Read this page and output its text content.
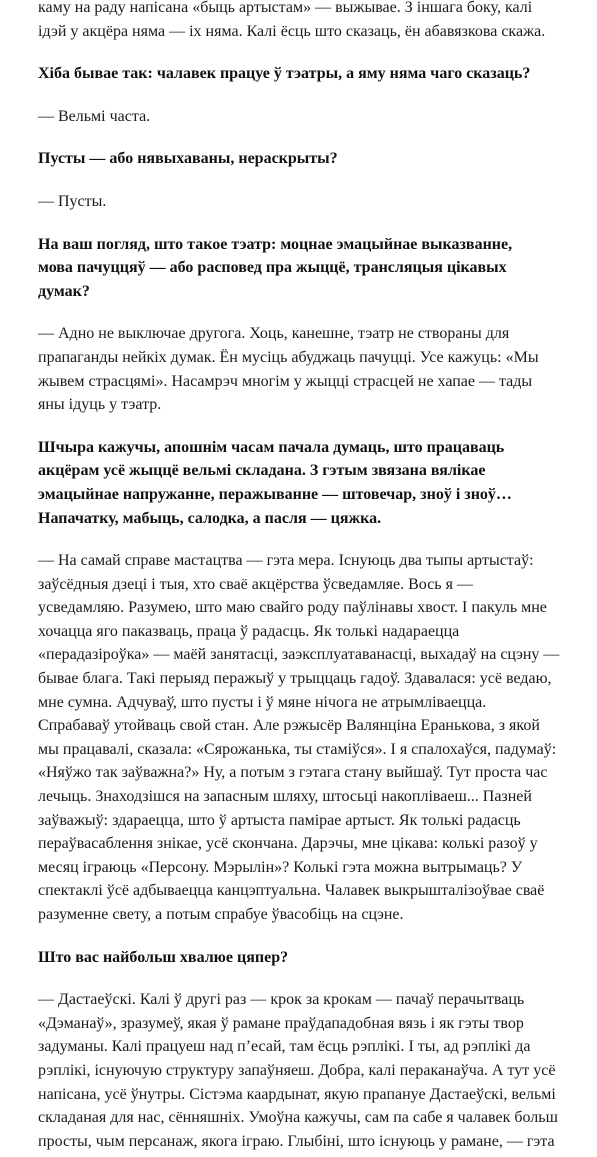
каму на раду напісана «быць артыстам» — выжывае. З іншага боку, калі
ідэй у акцёра няма — іх няма. Калі ёсць што сказаць, ён абавязкова скажа.

Хіба бывае так: чалавек працуе ў тэатры, а яму няма чаго сказаць?

— Вельмі часта.

Пусты — або нявыхаваны, нераскрыты?

— Пусты.

На ваш погляд, што такое тэатр: моцнае эмацыйнае выказванне,
мова пачуццяў — або расповед пра жыццё, трансляцыя цікавых
думак?

— Адно не выключае другога. Хоць, канешне, тэатр не створаны для
прапаганды нейкіх думак. Ён мусіць абуджаць пачуцці. Усе кажуць: «Мы
жывем страсцямі». Насамрэч многім у жыцці страсцей не хапае — тады
яны ідуць у тэатр.

Шчыра кажучы, апошнім часам пачала думаць, што працаваць
акцёрам усё жыццё вельмі складана. З гэтым звязана вялікае
эмацыйнае напружанне, перажыванне — штовечар, зноў і зноў…
Напачатку, мабыць, салодка, а пасля — цяжка.

— На самай справе мастацтва — гэта мера. Існуюць два тыпы артыстаў:
заўсёдныя дзеці і тыя, хто сваё акцёрства ўсведамляе. Вось я —
усведамляю. Разумею, што маю свайго роду паўлінавы хвост. І пакуль мне
хочацца яго паказваць, праца ў радасць. Як толькі надараецца
«перадазіроўка» — маёй занятасці, заэксплуатаванасці, выхадаў на сцэну —
бывае блага. Такі перыяд перажыў у трыццаць гадоў. Здавалася: усё ведаю,
мне сумна. Адчуваў, што пусты і ў мяне нічога не атрымліваецца.
Спрабаваў утойваць свой стан. Але рэжысёр Валянціна Еранькова, з якой
мы працавалі, сказала: «Сярожанька, ты стаміўся». І я спалохаўся, падумаў:
«Няўжо так заўважна?» Ну, а потым з гэтага стану выйшаў. Тут проста час
лечыць. Знаходзішся на запасным шляху, штосьці накопліваеш... Пазней
заўважыў: здараецца, што ў артыста паміраe артыст. Як толькі радасць
пераўвасаблення знікае, усё скончана. Дарэчы, мне цікава: колькі разоў у
месяц іграюць «Персону. Мэрылін»? Колькі гэта можна вытрымаць? У
спектаклі ўсё адбываецца канцэптуальна. Чалавек выкрышталізоўвае сваё
разуменне свету, а потым спрабуе ўвасобіць на сцэне.

Што вас найбольш хвалюе цяпер?

— Дастаеўскі. Калі ў другі раз — крок за крокам — пачаў перачытваць
«Дэманаў», зразумеў, якая ў рамане праўдападобная вязь і як гэты твор
задуманы. Калі працуеш над п’есай, там ёсць рэплікі. І ты, ад рэплікі да
рэплікі, існуючую структуру запаўняеш. Добра, калі пераканаўча. А тут усё
напісана, усё ўнутры. Сістэма каардынат, якую прапануе Дастаеўскі, вельмі
складаная для нас, сённяшніх. Умоўна кажучы, сам па сабе я чалавек больш
просты, чым персанаж, якога іграю. Глыбіні, што існуюць у рамане, — гэта
